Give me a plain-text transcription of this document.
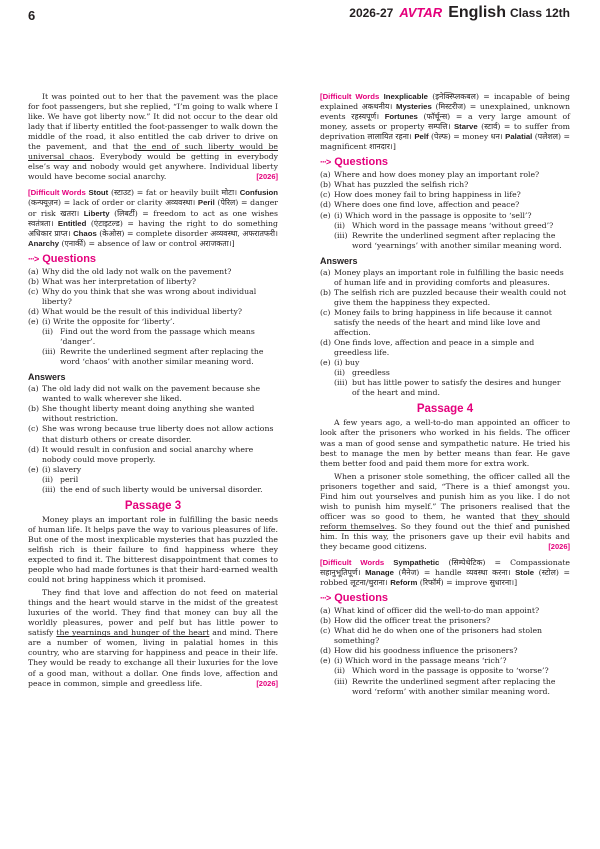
6	2026-27 AVTAR English Class 12th

It was pointed out to her that the pavement was the place for foot passengers, but she replied, “I’m going to walk where I like. We have got liberty now.” It did not occur to the dear old lady that if liberty entitled the foot-passenger to walk down the middle of the road, it also entitled the cab driver to drive on the pavement, and that the end of such liberty would be universal chaos. Everybody would be getting in everybody else’s way and nobody would get anywhere. Individual liberty would have become social anarchy.	[2026]

[Difficult Words Stout (स्टाउट) = fat or heavily built मोटा। Confusion (कन्फ्यूज़न) = lack of order or clarity अव्यवस्था। Peril (पेरिल) = danger or risk खतरा। Liberty (लिबर्टी) = freedom to act as one wishes स्वतंत्रता। Entitled (एंटाइटल्ड) = having the right to do something अधिकार प्राप्त। Chaos (केओस) = complete disorder अव्यवस्था, अफरातफरी। Anarchy (एनार्की) = absence of law or control अराजकता।]

···> Questions
(a) Why did the old lady not walk on the pavement?
(b) What was her interpretation of liberty?
(c) Why do you think that she was wrong about individual liberty?
(d) What would be the result of this individual liberty?
(e) (i) Write the opposite for ‘liberty’.
(ii) Find out the word from the passage which means ‘danger’.
(iii) Rewrite the underlined segment after replacing the word ‘chaos’ with another similar meaning word.
Answers
(a) The old lady did not walk on the pavement because she wanted to walk wherever she liked.
(b) She thought liberty meant doing anything she wanted without restriction.
(c) She was wrong because true liberty does not allow actions that disturb others or create disorder.
(d) It would result in confusion and social anarchy where nobody could move properly.
(e) (i) slavery
(ii) peril
(iii) the end of such liberty would be universal disorder.
Passage 3

Money plays an important role in fulfilling the basic needs of human life. It helps pave the way to various pleasures of life. But one of the most inexplicable mysteries that has puzzled the selfish rich is their failure to find happiness where they expected to find it. The bitterest disappointment that comes to people who had made fortunes is that their hard-earned wealth could not bring happiness which it promised.

They find that love and affection do not feed on material things and the heart would starve in the midst of the greatest luxuries of the world. They find that money can buy all the worldly pleasures, power and pelf but has little power to satisfy the yearnings and hunger of the heart and mind. There are a number of women, living in palatial homes in this country, who are starving for happiness and peace in their life. They would be ready to exchange all their luxuries for the love of a good man, without a dollar. One finds love, affection and peace in common, simple and greedless life.	[2026]

[Difficult Words Inexplicable (इनेक्स्प्लिकबल) = incapable of being explained अकथनीय। Mysteries (मिस्टरीज) = unexplained, unknown events रहस्यपूर्ण। Fortunes (फॉर्चून्स) = a very large amount of money, assets or property सम्पत्ति। Starve (स्टार्व) = to suffer from deprivation लालायित रहना। Pelf (पेल्फ) = money धन। Palatial (पलेशल) = magnificent शानदार।]

···> Questions
(a) Where and how does money play an important role?
(b) What has puzzled the selfish rich?
(c) How does money fail to bring happiness in life?
(d) Where does one find love, affection and peace?
(e) (i) Which word in the passage is opposite to ‘sell’?
(ii) Which word in the passage means ‘without greed’?
(iii) Rewrite the underlined segment after replacing the word ‘yearnings’ with another similar meaning word.
Answers
(a) Money plays an important role in fulfilling the basic needs of human life and in providing comforts and pleasures.
(b) The selfish rich are puzzled because their wealth could not give them the happiness they expected.
(c) Money fails to bring happiness in life because it cannot satisfy the needs of the heart and mind like love and affection.
(d) One finds love, affection and peace in a simple and greedless life.
(e) (i) buy
(ii) greedless
(iii) but has little power to satisfy the desires and hunger of the heart and mind.
Passage 4

A few years ago, a well-to-do man appointed an officer to look after the prisoners who worked in his fields. The officer was a man of good sense and sympathetic nature. He tried his best to manage the men by better means than fear. He gave them better food and paid them more for extra work.

When a prisoner stole something, the officer called all the prisoners together and said, “There is a thief amongst you. Find him out yourselves and punish him as you like. I do not wish to punish him myself.” The prisoners realised that the officer was so good to them, he wanted that they should reform themselves. So they found out the thief and punished him. In this way, the prisoners gave up their evil habits and they became good citizens.	[2026]

[Difficult Words Sympathetic (सिम्पेथेटिक) = Compassionate सहानुभूतिपूर्ण। Manage (मैनेज) = handle व्यवस्था करना। Stole (स्टोल) = robbed लूटना/चुराना। Reform (रिफॉर्म) = improve सुधारना।]

···> Questions
(a) What kind of officer did the well-to-do man appoint?
(b) How did the officer treat the prisoners?
(c) What did he do when one of the prisoners had stolen something?
(d) How did his goodness influence the prisoners?
(e) (i) Which word in the passage means ‘rich’?
(ii) Which word in the passage is opposite to ‘worse’?
(iii) Rewrite the underlined segment after replacing the word ‘reform’ with another similar meaning word.
